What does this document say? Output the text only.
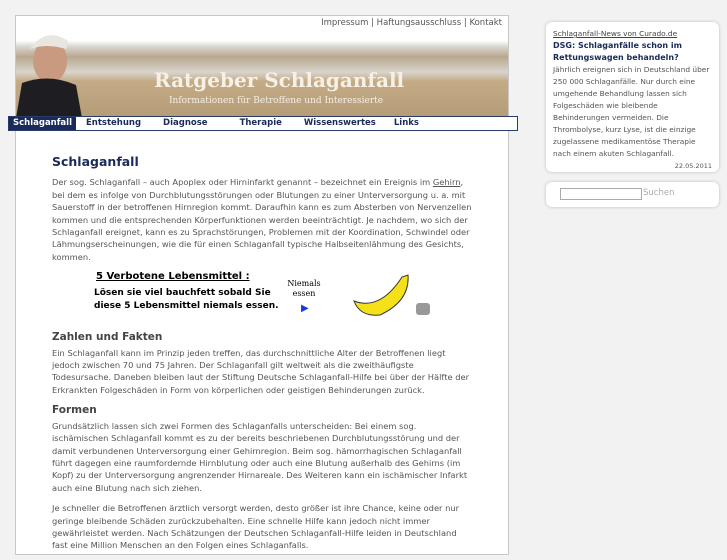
Impressum | Haftungsausschluss | Kontakt
Ratgeber Schlaganfall
Informationen für Betroffene und Interessierte
Schlaganfall	Entstehung	Diagnose	Therapie	Wissenswertes	Links
Schlaganfall

Der sog. Schlaganfall – auch Apoplex oder Hirninfarkt genannt – bezeichnet ein Ereignis im Gehirn, bei dem es infolge von Durchblutungsstörungen oder Blutungen zu einer Unterversorgung u. a. mit Sauerstoff in der betroffenen Hirnregion kommt. Daraufhin kann es zum Absterben von Nervenzellen kommen und die entsprechenden Körperfunktionen werden beeinträchtigt. Je nachdem, wo sich der Schlaganfall ereignet, kann es zu Sprachstörungen, Problemen mit der Koordination, Schwindel oder Lähmungserscheinungen, wie die für einen Schlaganfall typische Halbseitenlähmung des Gesichts, kommen.

5 Verbotene Lebensmittel :
Lösen sie viel bauchfett sobald Sie
diese 5 Lebensmittel niemals essen.
Niemals essen
▶
Zahlen und Fakten

Ein Schlaganfall kann im Prinzip jeden treffen, das durchschnittliche Alter der Betroffenen liegt jedoch zwischen 70 und 75 Jahren. Der Schlaganfall gilt weltweit als die zweithäufigste Todesursache. Daneben bleiben laut der Stiftung Deutsche Schlaganfall-Hilfe bei über der Hälfte der Erkrankten Folgeschäden in Form von körperlichen oder geistigen Behinderungen zurück.

Formen

Grundsätzlich lassen sich zwei Formen des Schlaganfalls unterscheiden: Bei einem sog. ischämischen Schlaganfall kommt es zu der bereits beschriebenen Durchblutungsstörung und der damit verbundenen Unterversorgung einer Gehirnregion. Beim sog. hämorrhagischen Schlaganfall führt dagegen eine raumfordernde Hirnblutung oder auch eine Blutung außerhalb des Gehirns (im Kopf) zu der Unterversorgung angrenzender Hirnareale. Des Weiteren kann ein ischämischer Infarkt auch eine Blutung nach sich ziehen.

Je schneller die Betroffenen ärztlich versorgt werden, desto größer ist ihre Chance, keine oder nur geringe bleibende Schäden zurückzubehalten. Eine schnelle Hilfe kann jedoch nicht immer gewährleistet werden. Nach Schätzungen der Deutschen Schlaganfall-Hilfe leiden in Deutschland fast eine Million Menschen an den Folgen eines Schlaganfalls.

Schlaganfall-News von Curado.de
DSG: Schlaganfälle schon im Rettungswagen behandeln?
Jährlich ereignen sich in Deutschland über 250 000 Schlaganfälle. Nur durch eine umgehende Behandlung lassen sich Folgeschäden wie bleibende Behinderungen vermeiden. Die Thrombolyse, kurz Lyse, ist die einzige zugelassene medikamentöse Therapie nach einem akuten Schlaganfall.
22.05.2011
Suchen
